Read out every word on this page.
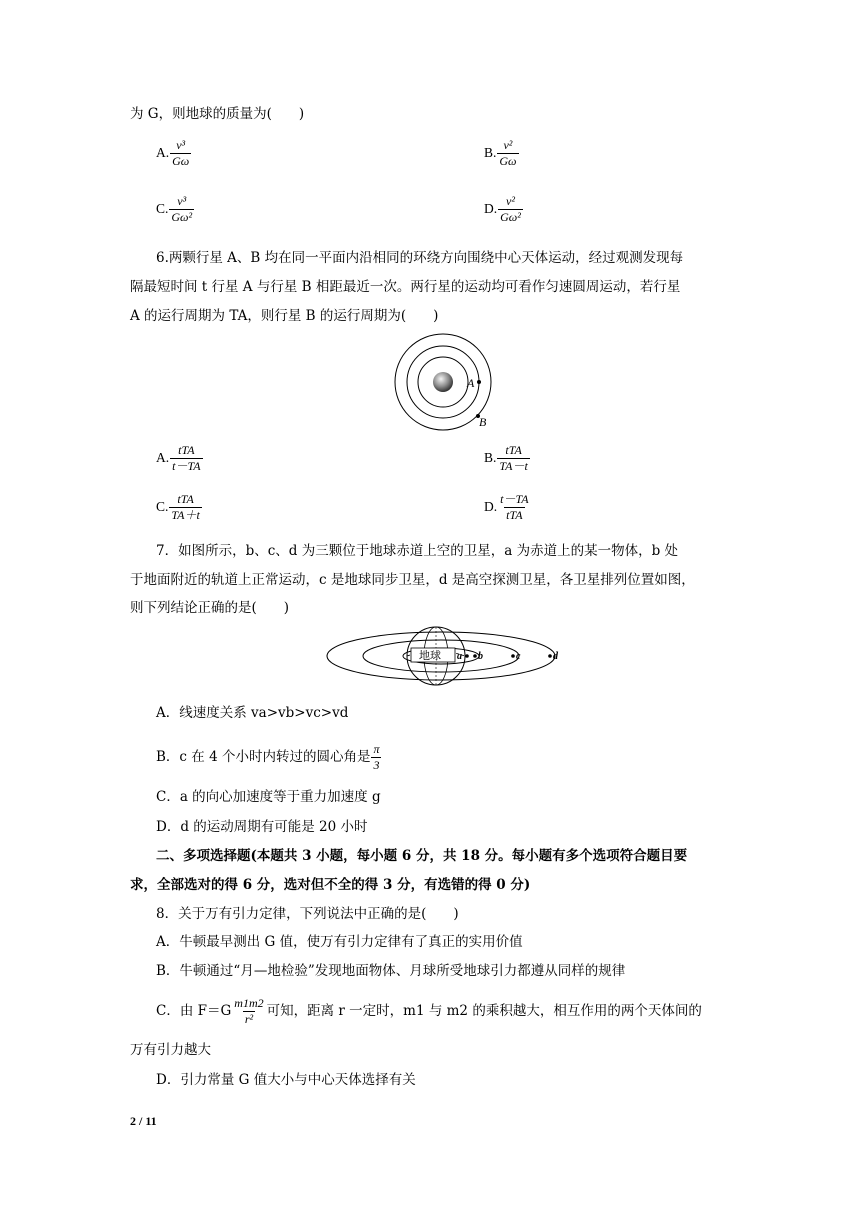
为 G，则地球的质量为(　　)
A. $\frac{\text{v³}}{G\omega}$	B. $\frac{\text{v²}}{G\omega}$
C. $\frac{\text{v³}}{\text{Gω²}}$	D. $\frac{\text{v²}}{\text{Gω²}}$
6.两颗行星 A、B 均在同一平面内沿相同的环绕方向围绕中心天体运动，经过观测发现每
隔最短时间 t 行星 A 与行星 B 相距最近一次。两行星的运动均可看作匀速圆周运动，若行星
A 的运行周期为 TA，则行星 B 的运行周期为(　　)
A
B
A. $\frac{\text{tTA}}{t-TA}$	B. $\frac{\text{tTA}}{TA-t}$
C. $\frac{\text{tTA}}{TA+t}$	D. $\frac{t-TA}{\text{tTA}}$
7．如图所示，b、c、d 为三颗位于地球赤道上空的卫星，a 为赤道上的某一物体，b 处
于地面附近的轨道上正常运动，c 是地球同步卫星，d 是高空探测卫星，各卫星排列位置如图，
则下列结论正确的是(　　)
地球 a b	c	d
A．线速度关系 va>vb>vc>vd
B．c 在 4 个小时内转过的圆心角是 $\frac{\pi}{3}$
C．a 的向心加速度等于重力加速度 g
D．d 的运动周期有可能是 20 小时
二、多项选择题(本题共 3 小题，每小题 6 分，共 18 分。每小题有多个选项符合题目要
求，全部选对的得 6 分，选对但不全的得 3 分，有选错的得 0 分)
8．关于万有引力定律，下列说法中正确的是(　　)
A．牛顿最早测出 G 值，使万有引力定律有了真正的实用价值
B．牛顿通过“月—地检验”发现地面物体、月球所受地球引力都遵从同样的规律
C．由 $F=G \frac{m1m2}{\text{r²}}$ 可知，距离 r 一定时，m1 与 m2 的乘积越大，相互作用的两个天体间的
万有引力越大
D．引力常量 G 值大小与中心天体选择有关
2 / 11
